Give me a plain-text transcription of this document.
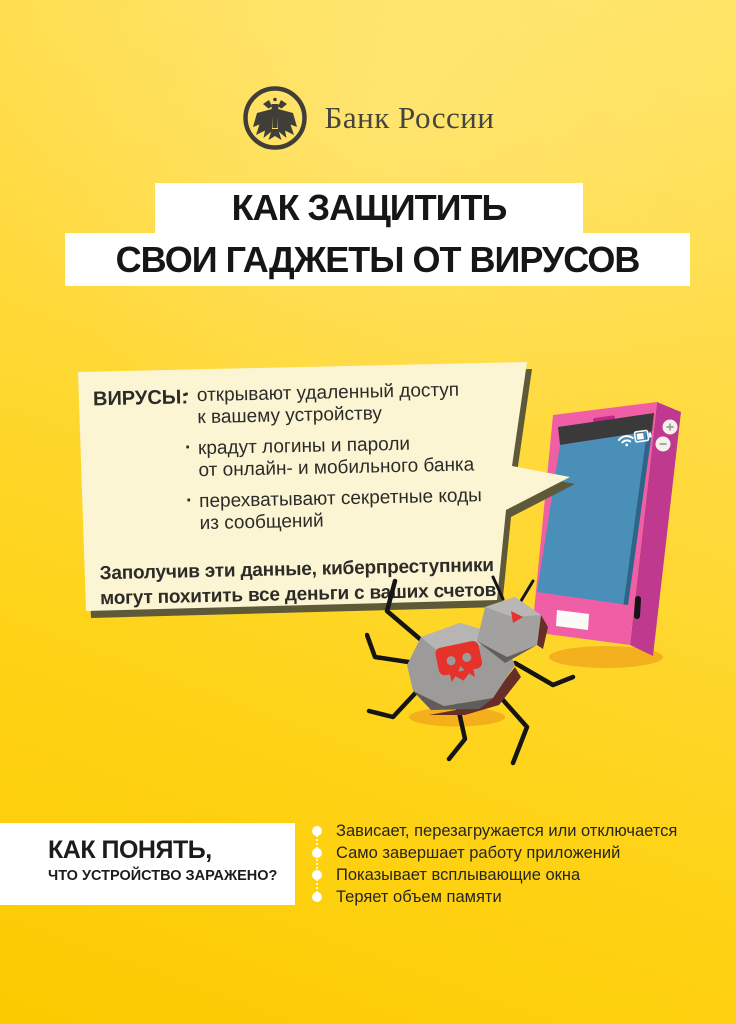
Банк России
КАК ЗАЩИТИТЬ
СВОИ ГАДЖЕТЫ ОТ ВИРУСОВ
ВИРУСЫ: · открывают удаленный доступ
к вашему устройству
· крадут логины и пароли
от онлайн- и мобильного банка
· перехватывают секретные коды
из сообщений
Заполучив эти данные, киберпреступники
могут похитить все деньги с ваших счетов
КАК ПОНЯТЬ,
ЧТО УСТРОЙСТВО ЗАРАЖЕНО?
Зависает, перезагружается или отключается
Само завершает работу приложений
Показывает всплывающие окна
Теряет объем памяти
